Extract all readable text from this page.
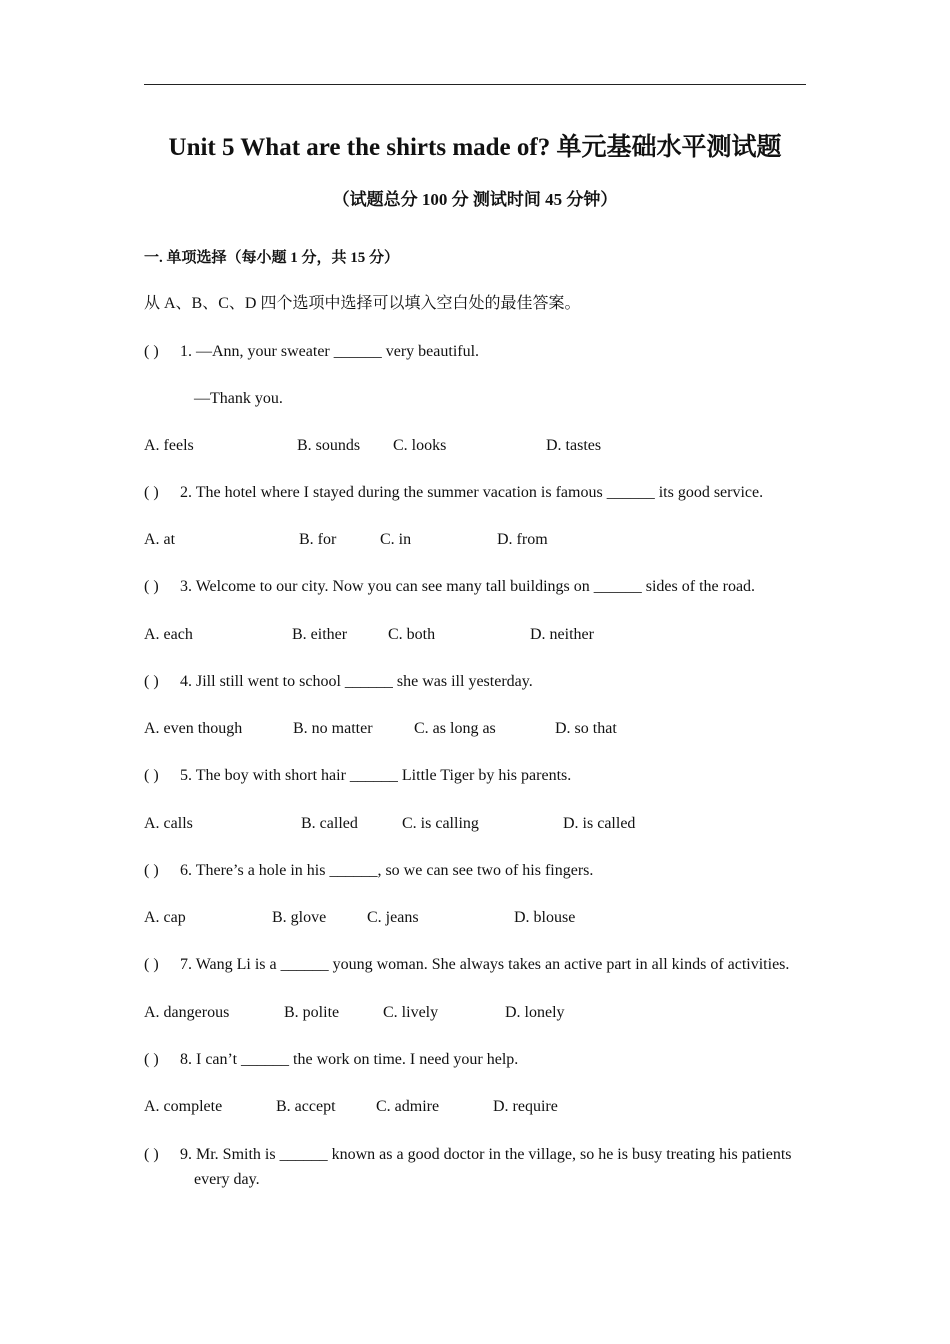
Unit 5 What are the shirts made of? 单元基础水平测试题
（试题总分 100 分 测试时间 45 分钟）
一. 单项选择（每小题 1 分，共 15 分）
从 A、B、C、D 四个选项中选择可以填入空白处的最佳答案。
( )	1. —Ann, your sweater ______ very beautiful.
—Thank you.
A. feels	B. sounds C. looks	D. tastes
( )	2. The hotel where I stayed during the summer vacation is famous ______ its good service.
A. at	B. for	C. in	D. from
( )	3. Welcome to our city. Now you can see many tall buildings on ______ sides of the road.
A. each	B. either	C. both	D. neither
( )	4. Jill still went to school ______ she was ill yesterday.
A. even though	B. no matter	C. as long as	D. so that
( )	5. The boy with short hair ______ Little Tiger by his parents.
A. calls	B. called	C. is calling	D. is called
( )	6. There’s a hole in his ______, so we can see two of his fingers.
A. cap	B. glove	C. jeans	D. blouse
( )	7. Wang Li is a ______ young woman. She always takes an active part in all kinds of activities.
A. dangerous	B. polite	C. lively	D. lonely
( )	8. I can’t ______ the work on time. I need your help.
A. complete	B. accept	C. admire	D. require
( ) 9. Mr. Smith is ______ known as a good doctor in the village, so he is busy treating his patients every day.
